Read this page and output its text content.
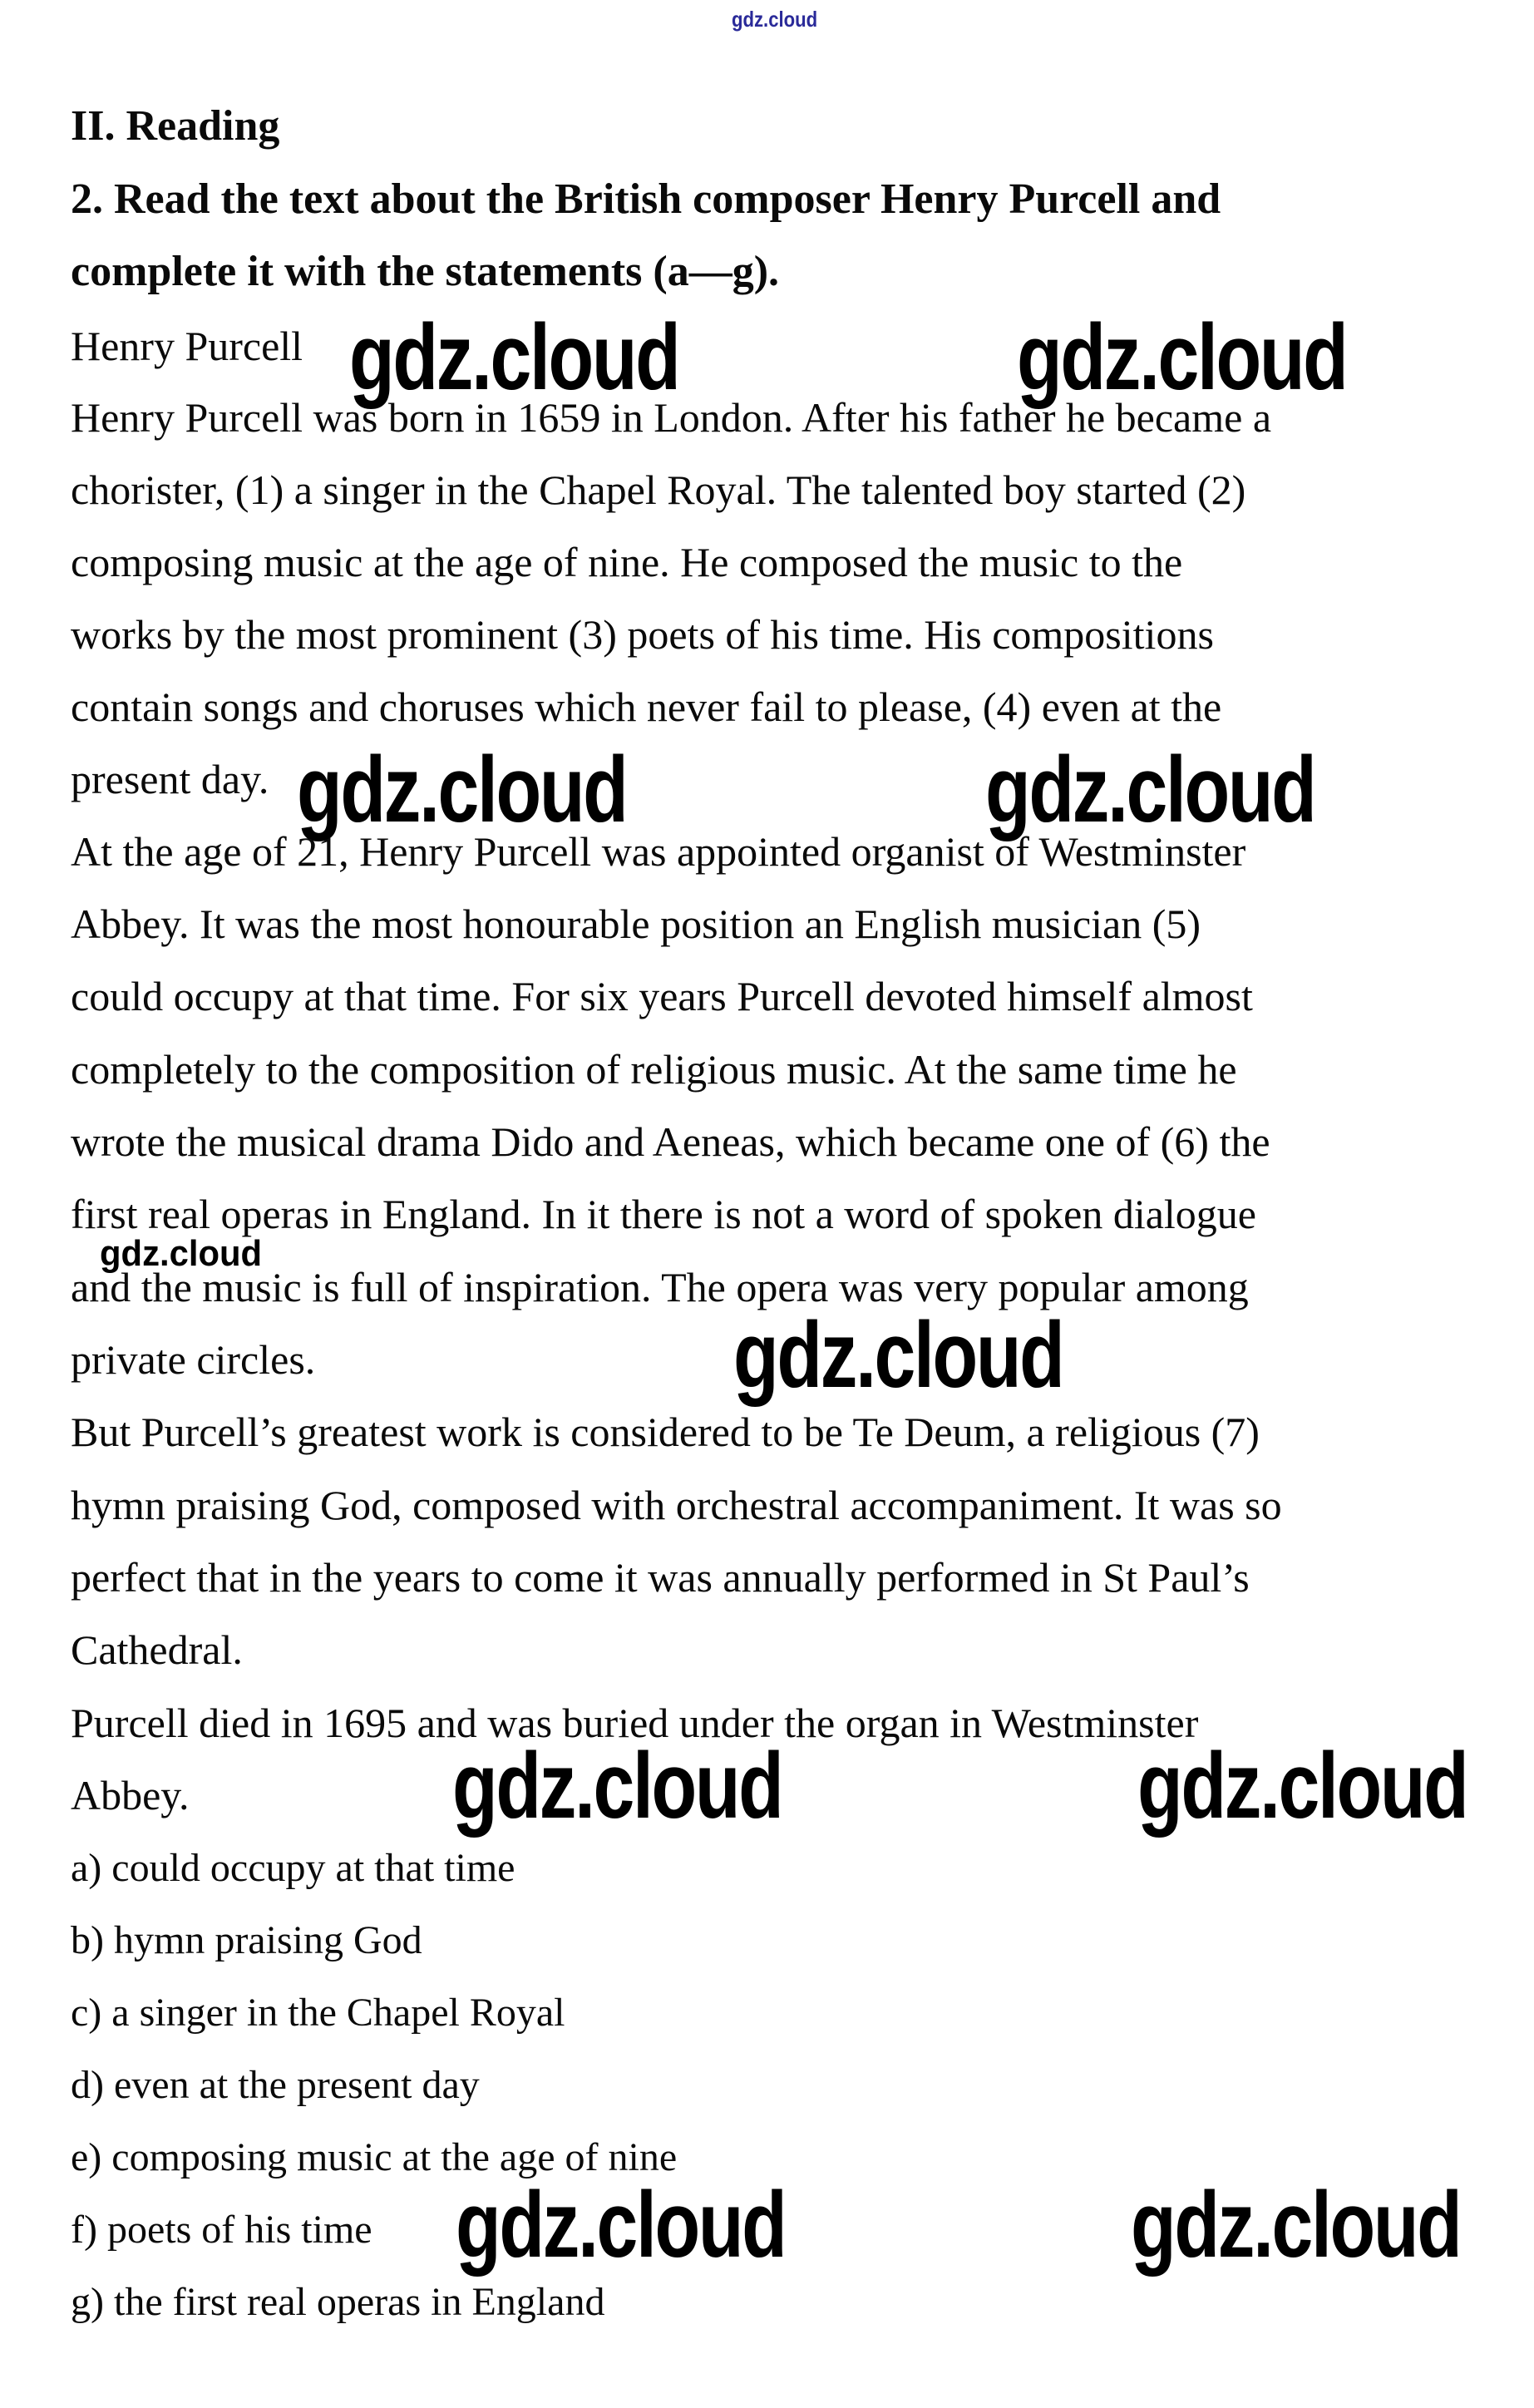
gdz.cloud
gdz.cloud	gdz.cloud
gdz.cloud	gdz.cloud
gdz.cloud
gdz.cloud
gdz.cloud	gdz.cloud
gdz.cloud	gdz.cloud
II. Reading
2. Read the text about the British composer Henry Purcell and
complete it with the statements (a—g).
Henry Purcell
Henry Purcell was born in 1659 in London. After his father he became a
chorister, (1) a singer in the Chapel Royal. The talented boy started (2)
composing music at the age of nine. He composed the music to the
works by the most prominent (3) poets of his time. His compositions
contain songs and choruses which never fail to please, (4) even at the
present day.
At the age of 21, Henry Purcell was appointed organist of Westminster
Abbey. It was the most honourable position an English musician (5)
could occupy at that time. For six years Purcell devoted himself almost
completely to the composition of religious music. At the same time he
wrote the musical drama Dido and Aeneas, which became one of (6) the
first real operas in England. In it there is not a word of spoken dialogue
and the music is full of inspiration. The opera was very popular among
private circles.
But Purcell’s greatest work is considered to be Te Deum, a religious (7)
hymn praising God, composed with orchestral accompaniment. It was so
perfect that in the years to come it was annually performed in St Paul’s
Cathedral.
Purcell died in 1695 and was buried under the organ in Westminster
Abbey.
a) could occupy at that time
b) hymn praising God
c) a singer in the Chapel Royal
d) even at the present day
e) composing music at the age of nine
f) poets of his time
g) the first real operas in England
